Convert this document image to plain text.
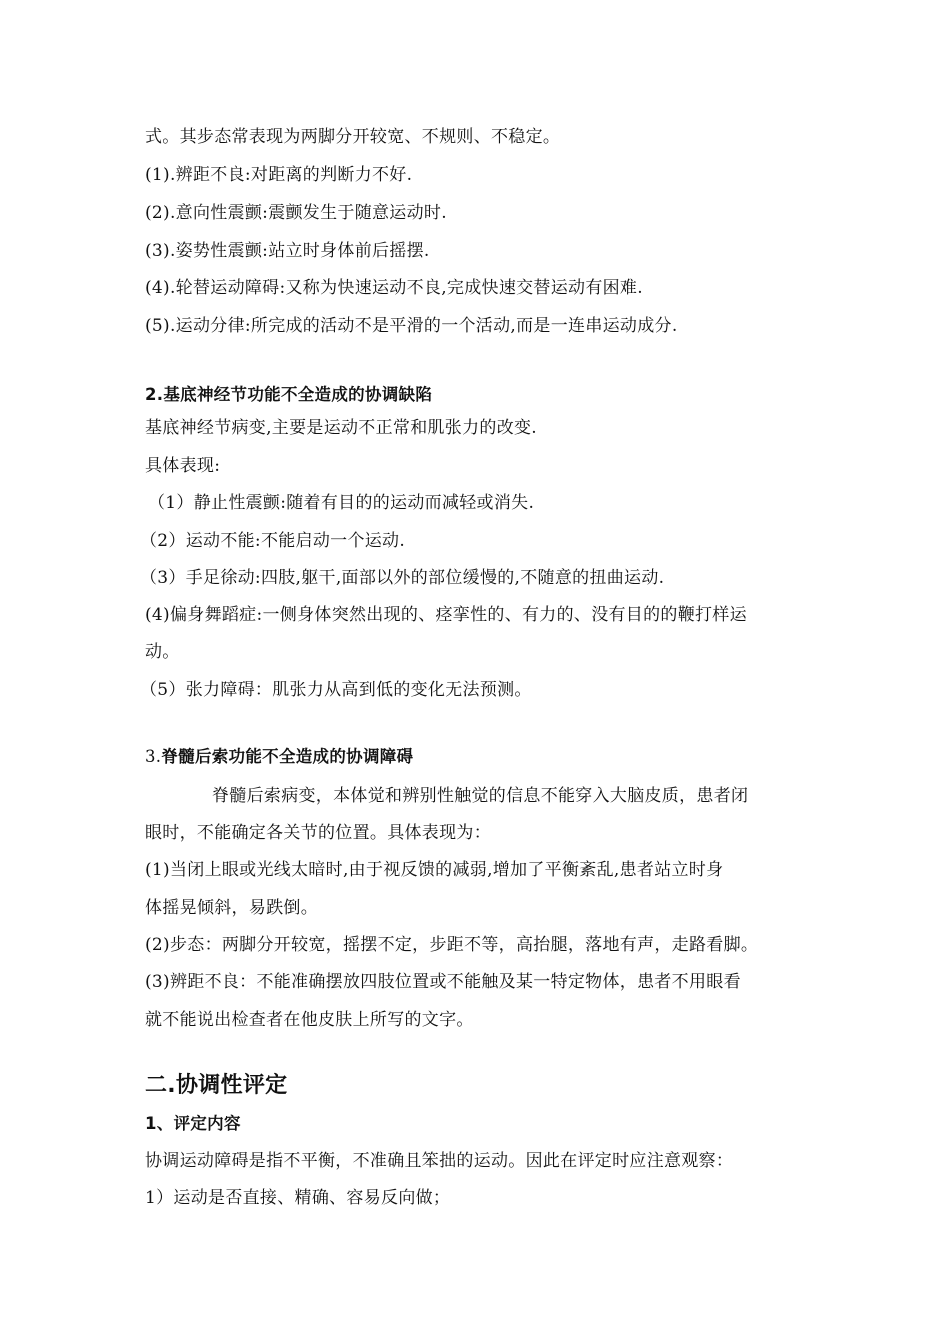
式。其步态常表现为两脚分开较宽、不规则、不稳定。
(1).辨距不良:对距离的判断力不好.
(2).意向性震颤:震颤发生于随意运动时.
(3).姿势性震颤:站立时身体前后摇摆.
(4).轮替运动障碍:又称为快速运动不良,完成快速交替运动有困难.
(5).运动分律:所完成的活动不是平滑的一个活动,而是一连串运动成分.
2.基底神经节功能不全造成的协调缺陷
基底神经节病变,主要是运动不正常和肌张力的改变.
具体表现:
（1）静止性震颤:随着有目的的运动而减轻或消失.
（2）运动不能:不能启动一个运动.
（3）手足徐动:四肢,躯干,面部以外的部位缓慢的,不随意的扭曲运动.
(4)偏身舞蹈症:一侧身体突然出现的、痉挛性的、有力的、没有目的的鞭打样运
动。
（5）张力障碍：肌张力从高到低的变化无法预测。
3.脊髓后索功能不全造成的协调障碍
脊髓后索病变，本体觉和辨别性触觉的信息不能穿入大脑皮质，患者闭
眼时，不能确定各关节的位置。具体表现为：
(1)当闭上眼或光线太暗时,由于视反馈的减弱,增加了平衡紊乱,患者站立时身
体摇晃倾斜，易跌倒。
(2)步态：两脚分开较宽，摇摆不定，步距不等，高抬腿，落地有声，走路看脚。
(3)辨距不良：不能准确摆放四肢位置或不能触及某一特定物体，患者不用眼看
就不能说出检查者在他皮肤上所写的文字。
二.协调性评定
1、评定内容
协调运动障碍是指不平衡，不准确且笨拙的运动。因此在评定时应注意观察：
1）运动是否直接、精确、容易反向做；
